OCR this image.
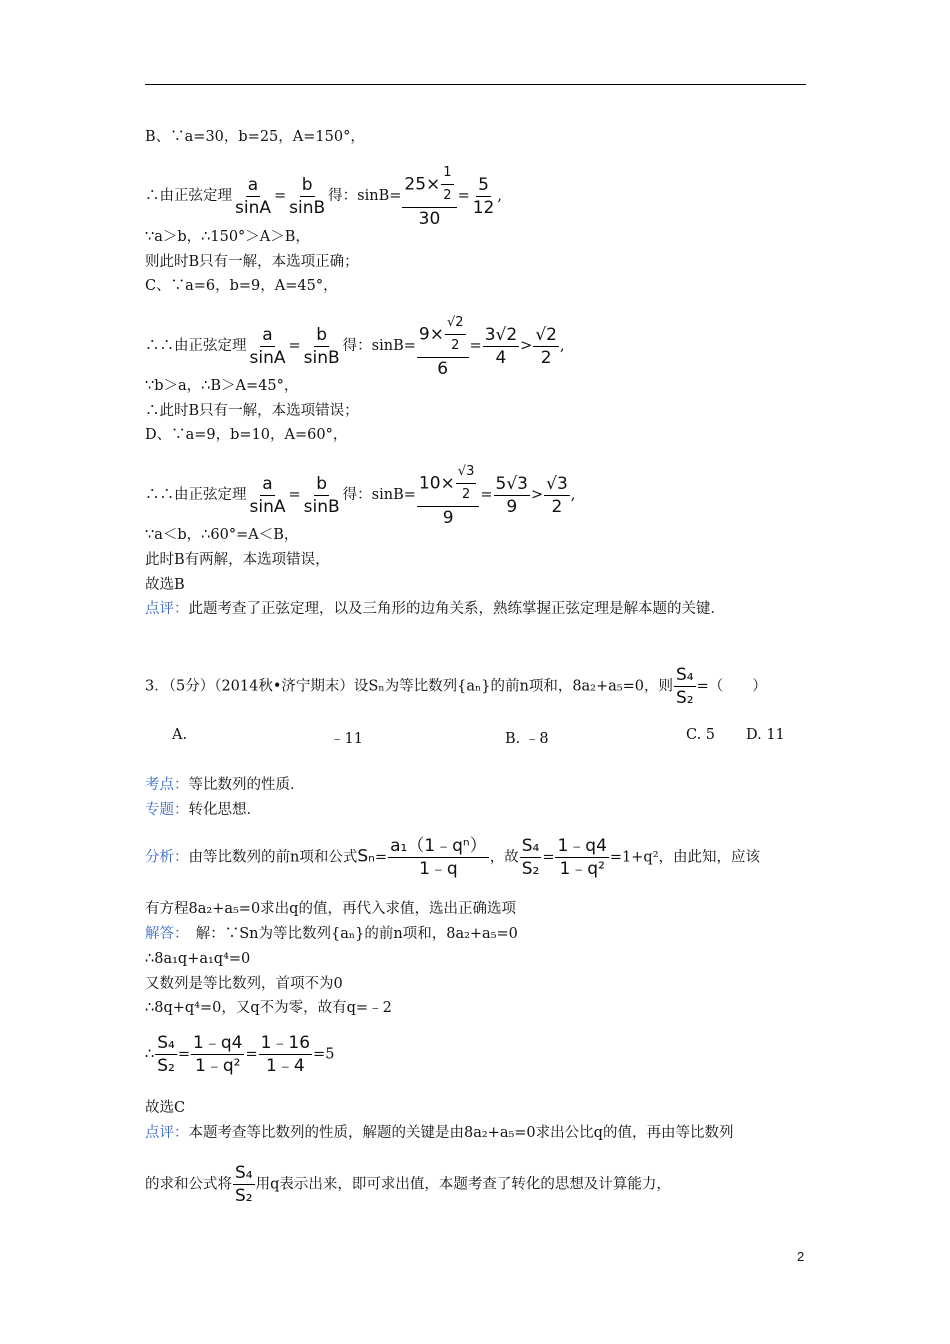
B、∵a=30，b=25，A=150°，
∴由正弦定理 $\frac{a}{\sin A} = \frac{b}{\sin B}$ 得：$\sin B= \frac{25\times \frac{1}{2}}{30} = \frac{5}{12}$ ,
∵a＞b，∴150°＞A＞B，
则此时B只有一解，本选项正确；
C、∵a=6，b=9，A=45°，
∴∴由正弦定理 $\frac{a}{\sin A} = \frac{b}{\sin B}$ 得：$\sin B= \frac{9\times \frac{√2}{2}}{6} = \frac{3√2}{4} > \frac{√2}{2}$ ,
∵b＞a，∴B＞A=45°，
∴此时B只有一解，本选项错误；
D、∵a=9，b=10，A=60°，
∴∴由正弦定理 $\frac{a}{\sin A} = \frac{b}{\sin B}$ 得：$\sin B= \frac{10\times \frac{√3}{2}}{9} = \frac{5√3}{9} > \frac{√3}{2}$ ,
∵a＜b，∴60°=A＜B，
此时B有两解，本选项错误，
故选B
点评：此题考查了正弦定理，以及三角形的边角关系，熟练掌握正弦定理是解本题的关键．
3．（5分）（2014秋•济宁期末）设Sₙ为等比数列{aₙ}的前n项和，8a₂+a₅=0，则 $\frac{\text{S₄}}{\text{S₂}}$ =（　　）
A.	﹣11	B. ﹣8	C. 5 D. 11
考点：等比数列的性质．
专题：转化思想．
分析：由等比数列的前n项和公式$S_n= \frac{\text{a₁（1﹣qⁿ）}}{1﹣q}$ ，故 $\frac{\text{S₄}}{\text{S₂}} = \frac{1﹣q4}{\text{1﹣q²}} =1+q^2$，由此知，应该
有方程8a₂+a₅=0求出q的值，再代入求值，选出正确选项
解答：　解：∵Sn为等比数列{aₙ}的前n项和，8a₂+a₅=0
∴8a₁q+a₁q⁴=0
又数列是等比数列，首项不为0
∴8q+q⁴=0，又q不为零，故有q=﹣2
∴ $\frac{\text{S₄}}{\text{S₂}} = \frac{1﹣q4}{\text{1﹣q²}} = \frac{1﹣16}{1﹣4} =5$
故选C
点评：本题考查等比数列的性质，解题的关键是由8a₂+a₅=0求出公比q的值，再由等比数列
的求和公式将 $\frac{\text{S₄}}{\text{S₂}}$ 用q表示出来，即可求出值，本题考查了转化的思想及计算能力，
2
